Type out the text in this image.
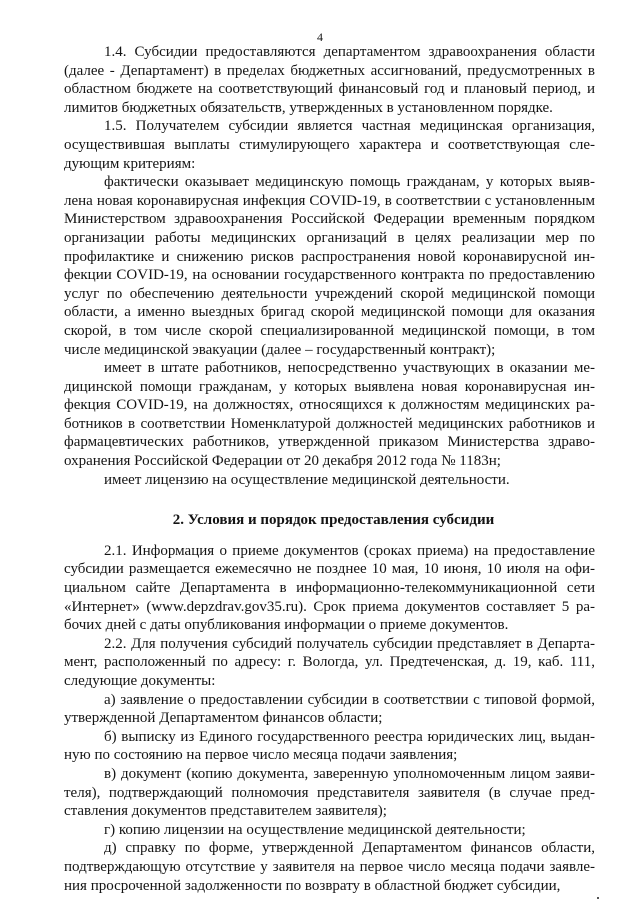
4

1.4. Субсидии предоставляются департаментом здравоохранения области (далее - Департамент) в пределах бюджетных ассигнований, предусмотренных в областном бюджете на соответствующий финансовый год и плановый период, и лимитов бюджетных обязательств, утвержденных в установленном порядке.

1.5. Получателем субсидии является частная медицинская организация, осуществившая выплаты стимулирующего характера и соответствующая следующим критериям:

фактически оказывает медицинскую помощь гражданам, у которых выявлена новая коронавирусная инфекция COVID-19, в соответствии с установленным Министерством здравоохранения Российской Федерации временным порядком организации работы медицинских организаций в целях реализации мер по профилактике и снижению рисков распространения новой коронавирусной инфекции COVID-19, на основании государственного контракта по предоставлению услуг по обеспечению деятельности учреждений скорой медицинской помощи области, а именно выездных бригад скорой медицинской помощи для оказания скорой, в том числе скорой специализированной медицинской помощи, в том числе медицинской эвакуации (далее – государственный контракт);

имеет в штате работников, непосредственно участвующих в оказании медицинской помощи гражданам, у которых выявлена новая коронавирусная инфекция COVID-19, на должностях, относящихся к должностям медицинских работников в соответствии Номенклатурой должностей медицинских работников и фармацевтических работников, утвержденной приказом Министерства здравоохранения Российской Федерации от 20 декабря 2012 года № 1183н;

имеет лицензию на осуществление медицинской деятельности.

2. Условия и порядок предоставления субсидии

2.1. Информация о приеме документов (сроках приема) на предоставление субсидии размещается ежемесячно не позднее 10 мая, 10 июня, 10 июля на официальном сайте Департамента в информационно-телекоммуникационной сети «Интернет» (www.depzdrav.gov35.ru). Срок приема документов составляет 5 рабочих дней с даты опубликования информации о приеме документов.

2.2. Для получения субсидий получатель субсидии представляет в Департамент, расположенный по адресу: г. Вологда, ул. Предтеченская, д. 19, каб. 111, следующие документы:

а) заявление о предоставлении субсидии в соответствии с типовой формой, утвержденной Департаментом финансов области;

б) выписку из Единого государственного реестра юридических лиц, выданную по состоянию на первое число месяца подачи заявления;

в) документ (копию документа, заверенную уполномоченным лицом заявителя), подтверждающий полномочия представителя заявителя (в случае представления документов представителем заявителя);

г) копию лицензии на осуществление медицинской деятельности;

д) справку по форме, утвержденной Департаментом финансов области, подтверждающую отсутствие у заявителя на первое число месяца подачи заявления просроченной задолженности по возврату в областной бюджет субсидии,
